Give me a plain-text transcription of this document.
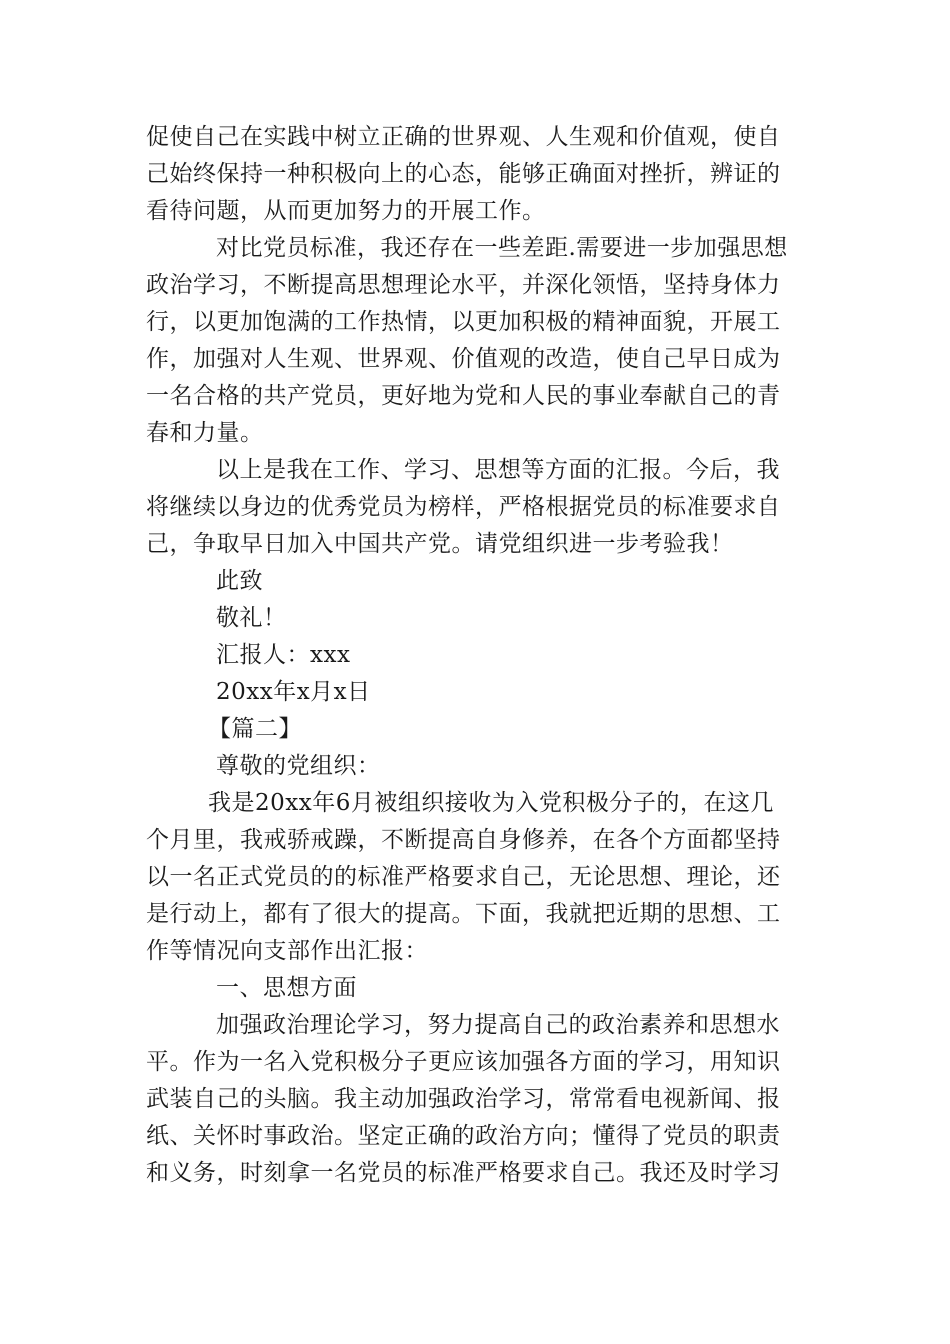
促使自己在实践中树立正确的世界观、人生观和价值观，使自
己始终保持一种积极向上的心态，能够正确面对挫折，辨证的
看待问题，从而更加努力的开展工作。
对比党员标准，我还存在一些差距.需要进一步加强思想
政治学习，不断提高思想理论水平，并深化领悟，坚持身体力
行，以更加饱满的工作热情，以更加积极的精神面貌，开展工
作，加强对人生观、世界观、价值观的改造，使自己早日成为
一名合格的共产党员，更好地为党和人民的事业奉献自己的青
春和力量。
以上是我在工作、学习、思想等方面的汇报。今后，我
将继续以身边的优秀党员为榜样，严格根据党员的标准要求自
己，争取早日加入中国共产党。请党组织进一步考验我！
此致
敬礼！
汇报人：xxx
20xx年x月x日
【篇二】
尊敬的党组织：
我是20xx年6月被组织接收为入党积极分子的，在这几
个月里，我戒骄戒躁，不断提高自身修养，在各个方面都坚持
以一名正式党员的的标准严格要求自己，无论思想、理论，还
是行动上，都有了很大的提高。下面，我就把近期的思想、工
作等情况向支部作出汇报：
一、思想方面
加强政治理论学习，努力提高自己的政治素养和思想水
平。作为一名入党积极分子更应该加强各方面的学习，用知识
武装自己的头脑。我主动加强政治学习，常常看电视新闻、报
纸、关怀时事政治。坚定正确的政治方向；懂得了党员的职责
和义务，时刻拿一名党员的标准严格要求自己。我还及时学习
